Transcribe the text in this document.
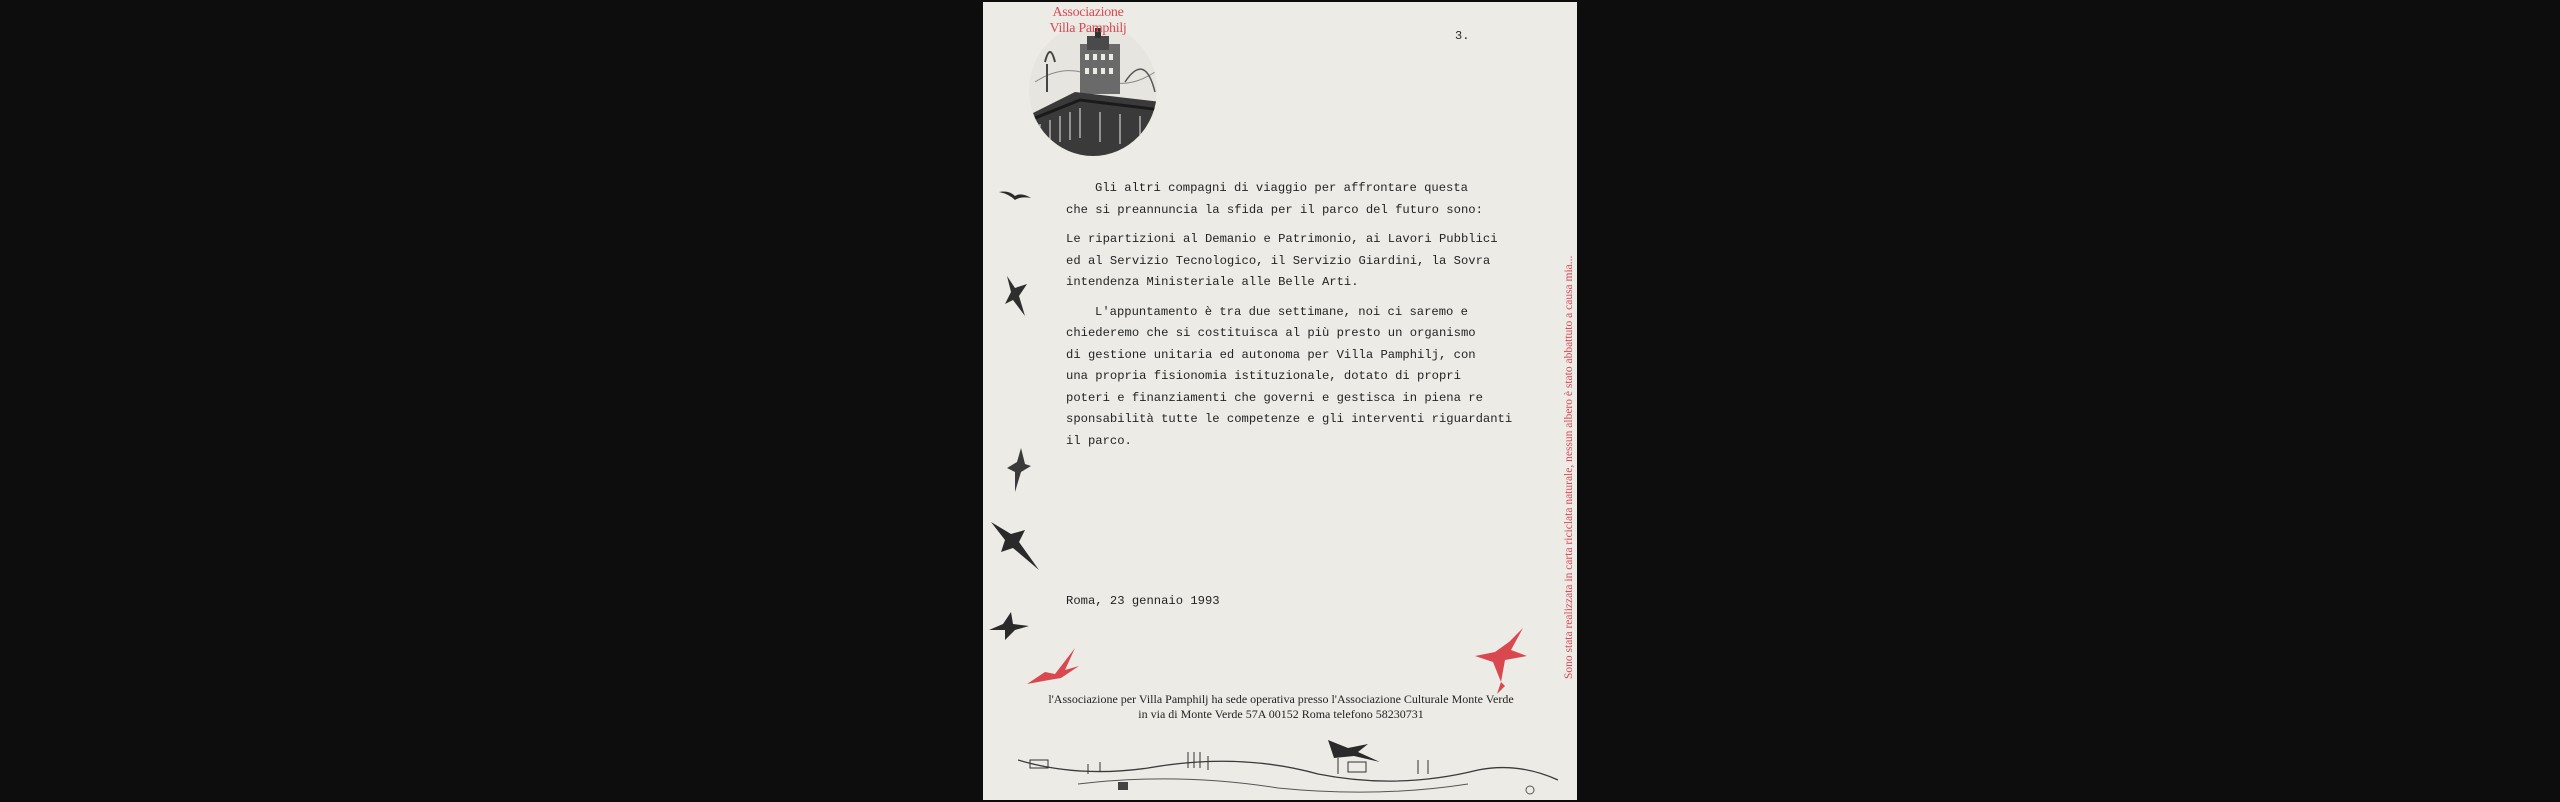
Associazione
Villa Pamphilj	3.
Gli altri compagni di viaggio per affrontare questa
che si preannuncia la sfida per il parco del futuro sono:
Le ripartizioni al Demanio e Patrimonio, ai Lavori Pubblici
ed al Servizio Tecnologico, il Servizio Giardini, la Sovra
intendenza Ministeriale alle Belle Arti.
L'appuntamento è tra due settimane, noi ci saremo e
chiederemo che si costituisca al più presto un organismo
di gestione unitaria ed autonoma per Villa Pamphilj, con
una propria fisionomia istituzionale, dotato di propri
poteri e finanziamenti che governi e gestisca in piena re
sponsabilità tutte le competenze e gli interventi riguardanti
il parco.
Roma, 23 gennaio 1993
l'Associazione per Villa Pamphilj ha sede operativa presso l'Associazione Culturale Monte Verde
in via di Monte Verde 57A 00152 Roma telefono 58230731
Sono stata realizzata in carta riciclata naturale, nessun albero è stato abbattuto a causa mia...
